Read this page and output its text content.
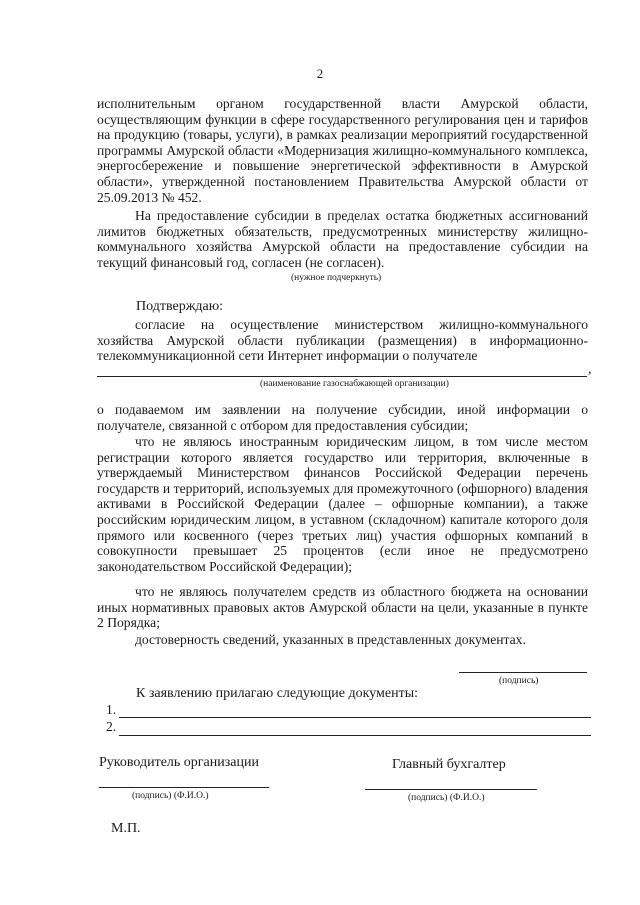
2

исполнительным органом государственной власти Амурской области, осуществляющим функции в сфере государственного регулирования цен и тарифов на продукцию (товары, услуги), в рамках реализации мероприятий государственной программы Амурской области «Модернизация жилищно-коммунального комплекса, энергосбережение и повышение энергетической эффективности в Амурской области», утвержденной постановлением Правительства Амурской области от 25.09.2013 № 452.

На предоставление субсидии в пределах остатка бюджетных ассигнований лимитов бюджетных обязательств, предусмотренных министерству жилищно-коммунального хозяйства Амурской области на предоставление субсидии на текущий финансовый год, согласен (не согласен).

(нужное подчеркнуть)
Подтверждаю:

согласие на осуществление министерством жилищно-коммунального хозяйства Амурской области публикации (размещения) в информационно-телекоммуникационной сети Интернет информации о получателе

,
(наименование газоснабжающей организации)

о подаваемом им заявлении на получение субсидии, иной информации о получателе, связанной с отбором для предоставления субсидии;

что не являюсь иностранным юридическим лицом, в том числе местом регистрации которого является государство или территория, включенные в утверждаемый Министерством финансов Российской Федерации перечень государств и территорий, используемых для промежуточного (офшорного) владения активами в Российской Федерации (далее – офшорные компании), а также российским юридическим лицом, в уставном (складочном) капитале которого доля прямого или косвенного (через третьих лиц) участия офшорных компаний в совокупности превышает 25 процентов (если иное не предусмотрено законодательством Российской Федерации);

что не являюсь получателем средств из областного бюджета на основании иных нормативных правовых актов Амурской области на цели, указанные в пункте 2 Порядка;

достоверность сведений, указанных в представленных документах.

(подпись)
К заявлению прилагаю следующие документы:
1.
2.
Руководитель организации	Главный бухгалтер
(подпись) (Ф.И.О.)	(подпись) (Ф.И.О.)
М.П.
